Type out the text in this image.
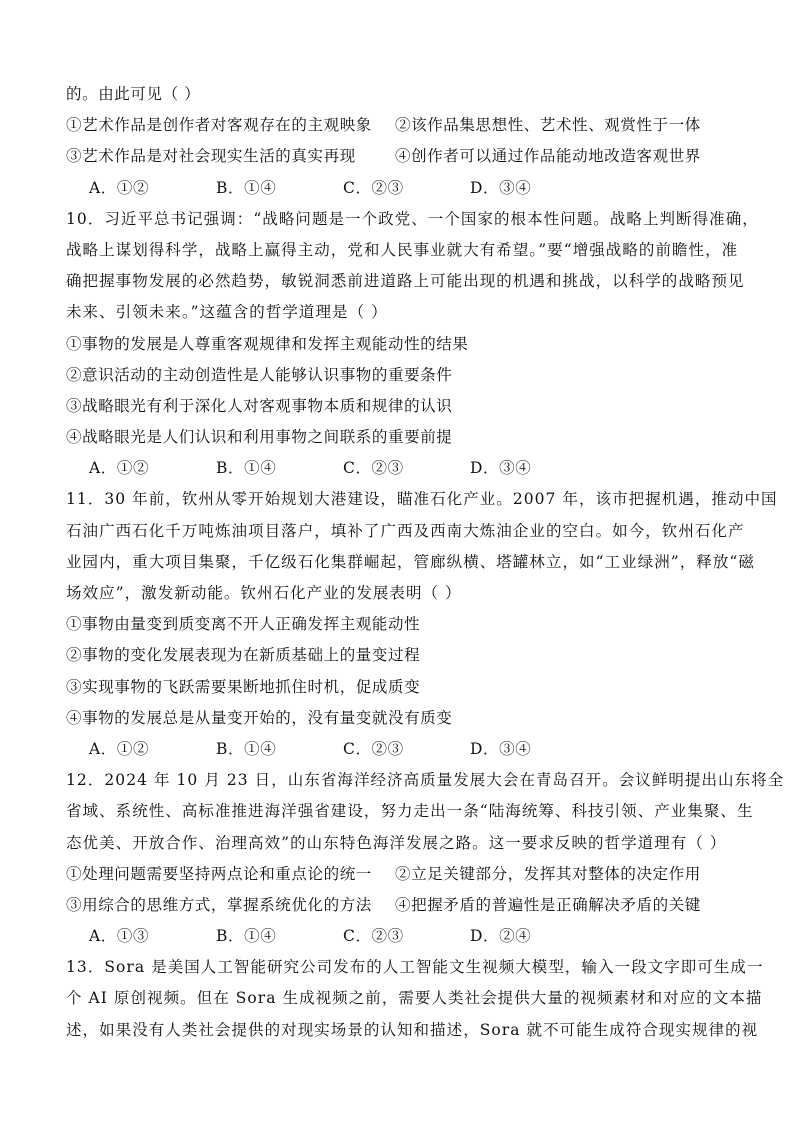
的。由此可见（ ）
①艺术作品是创作者对客观存在的主观映象	②该作品集思想性、艺术性、观赏性于一体
③艺术作品是对社会现实生活的真实再现	④创作者可以通过作品能动地改造客观世界
A．①②	B．①④	C．②③	D．③④
10．习近平总书记强调：“战略问题是一个政党、一个国家的根本性问题。战略上判断得准确，
战略上谋划得科学，战略上赢得主动，党和人民事业就大有希望。”要“增强战略的前瞻性，准
确把握事物发展的必然趋势，敏锐洞悉前进道路上可能出现的机遇和挑战，以科学的战略预见
未来、引领未来。”这蕴含的哲学道理是（ ）
①事物的发展是人尊重客观规律和发挥主观能动性的结果
②意识活动的主动创造性是人能够认识事物的重要条件
③战略眼光有利于深化人对客观事物本质和规律的认识
④战略眼光是人们认识和利用事物之间联系的重要前提
A．①②	B．①④	C．②③	D．③④
11．30 年前，钦州从零开始规划大港建设，瞄准石化产业。2007 年，该市把握机遇，推动中国
石油广西石化千万吨炼油项目落户，填补了广西及西南大炼油企业的空白。如今，钦州石化产
业园内，重大项目集聚，千亿级石化集群崛起，管廊纵横、塔罐林立，如“工业绿洲”，释放“磁
场效应”，激发新动能。钦州石化产业的发展表明（ ）
①事物由量变到质变离不开人正确发挥主观能动性
②事物的变化发展表现为在新质基础上的量变过程
③实现事物的飞跃需要果断地抓住时机，促成质变
④事物的发展总是从量变开始的，没有量变就没有质变
A．①②	B．①④	C．②③	D．③④
12．2024 年 10 月 23 日，山东省海洋经济高质量发展大会在青岛召开。会议鲜明提出山东将全
省域、系统性、高标准推进海洋强省建设，努力走出一条“陆海统筹、科技引领、产业集聚、生
态优美、开放合作、治理高效”的山东特色海洋发展之路。这一要求反映的哲学道理有（ ）
①处理问题需要坚持两点论和重点论的统一	②立足关键部分，发挥其对整体的决定作用
③用综合的思维方式，掌握系统优化的方法	④把握矛盾的普遍性是正确解决矛盾的关键
A．①③	B．①④	C．②③	D．②④
13．Sora 是美国人工智能研究公司发布的人工智能文生视频大模型，输入一段文字即可生成一
个 AI 原创视频。但在 Sora 生成视频之前，需要人类社会提供大量的视频素材和对应的文本描
述，如果没有人类社会提供的对现实场景的认知和描述，Sora 就不可能生成符合现实规律的视
